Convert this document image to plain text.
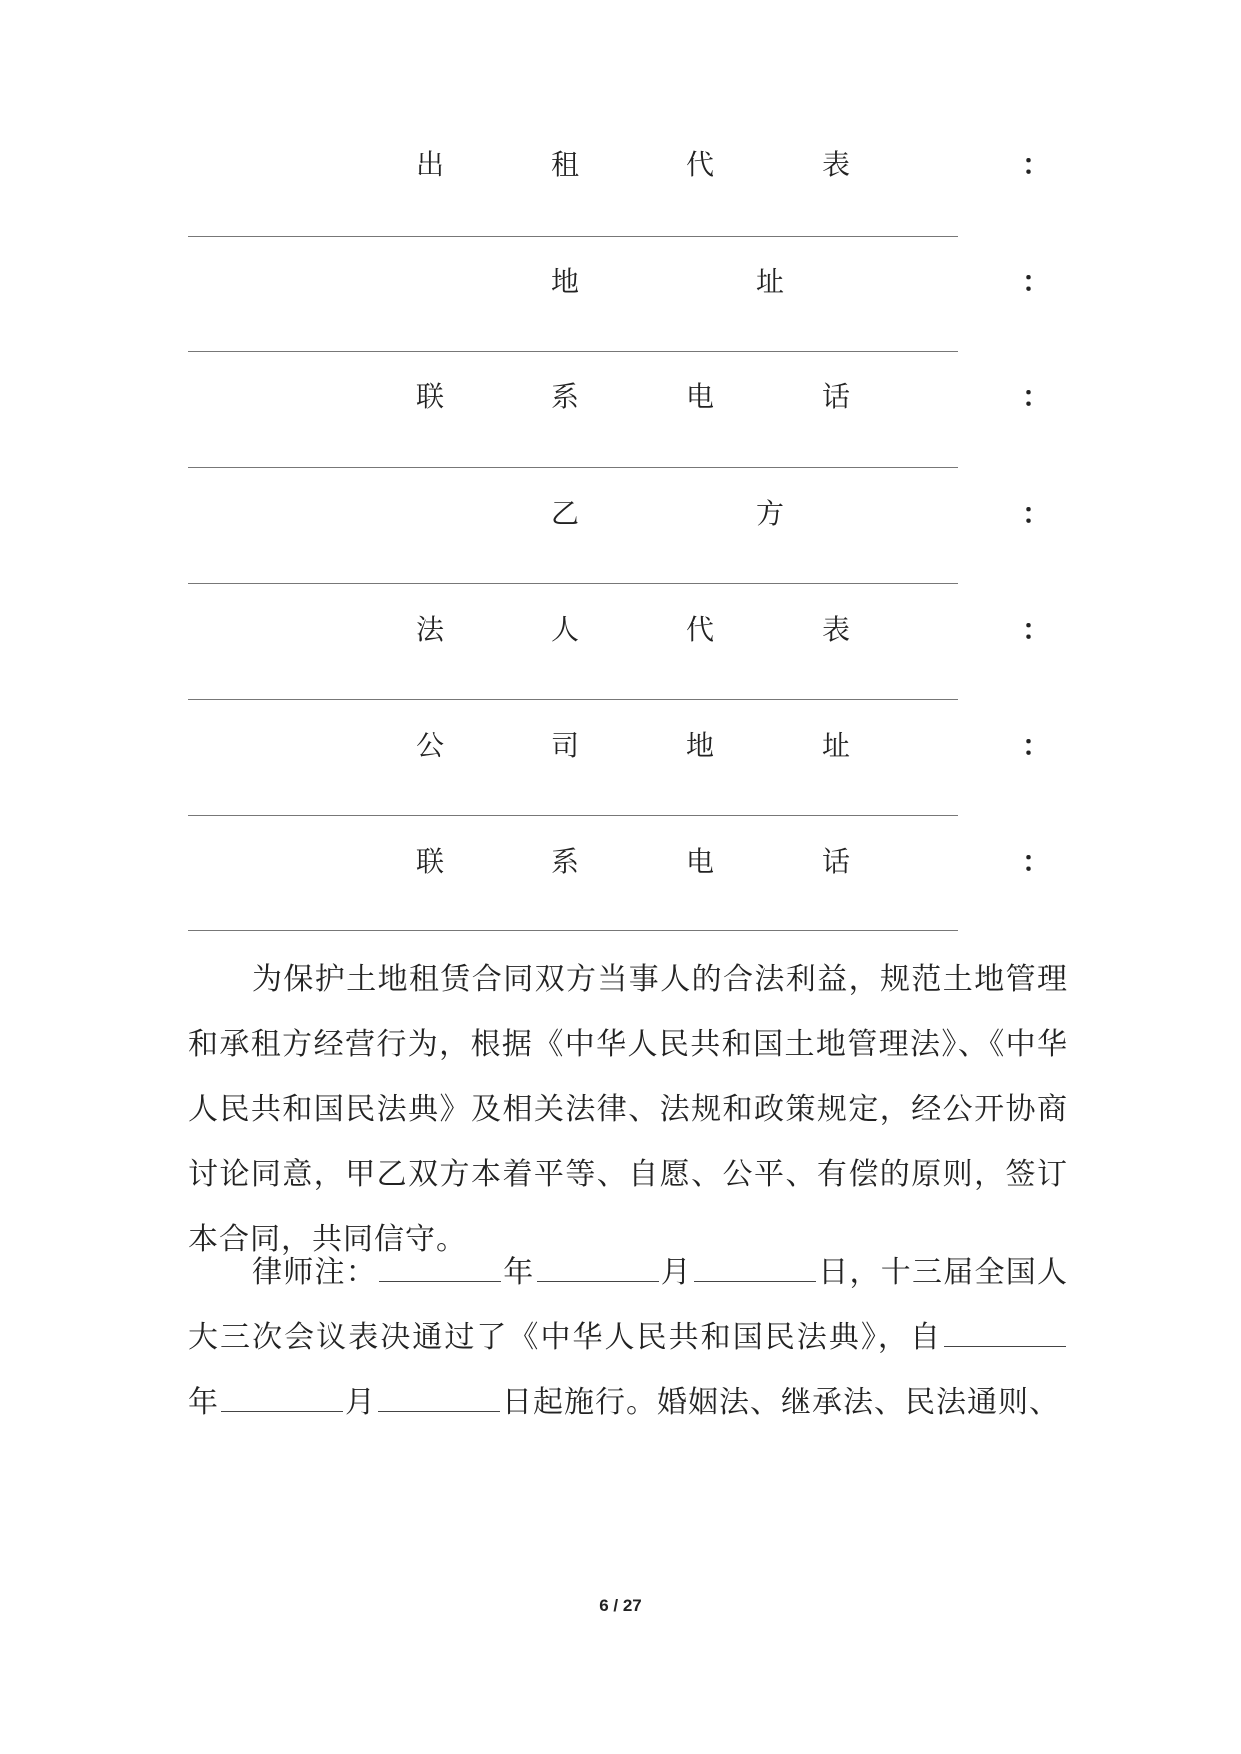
出	租	代	表	：
地	址	：
联	系	电	话	：
乙	方	：
法	人	代	表	：
公	司	地	址	：
联	系	电	话	：
为保护土地租赁合同双方当事人的合法利益，规范土地管理和承租方经营行为，根据《中华人民共和国土地管理法》、《中华人民共和国民法典》及相关法律、法规和政策规定，经公开协商讨论同意，甲乙双方本着平等、自愿、公平、有偿的原则，签订本合同，共同信守。
律师注：	年	月	日，十三届全国人大三次会议表决通过了《中华人民共和国民法典》，自年	月	日起施行。婚姻法、继承法、民法通则、
6 / 27
